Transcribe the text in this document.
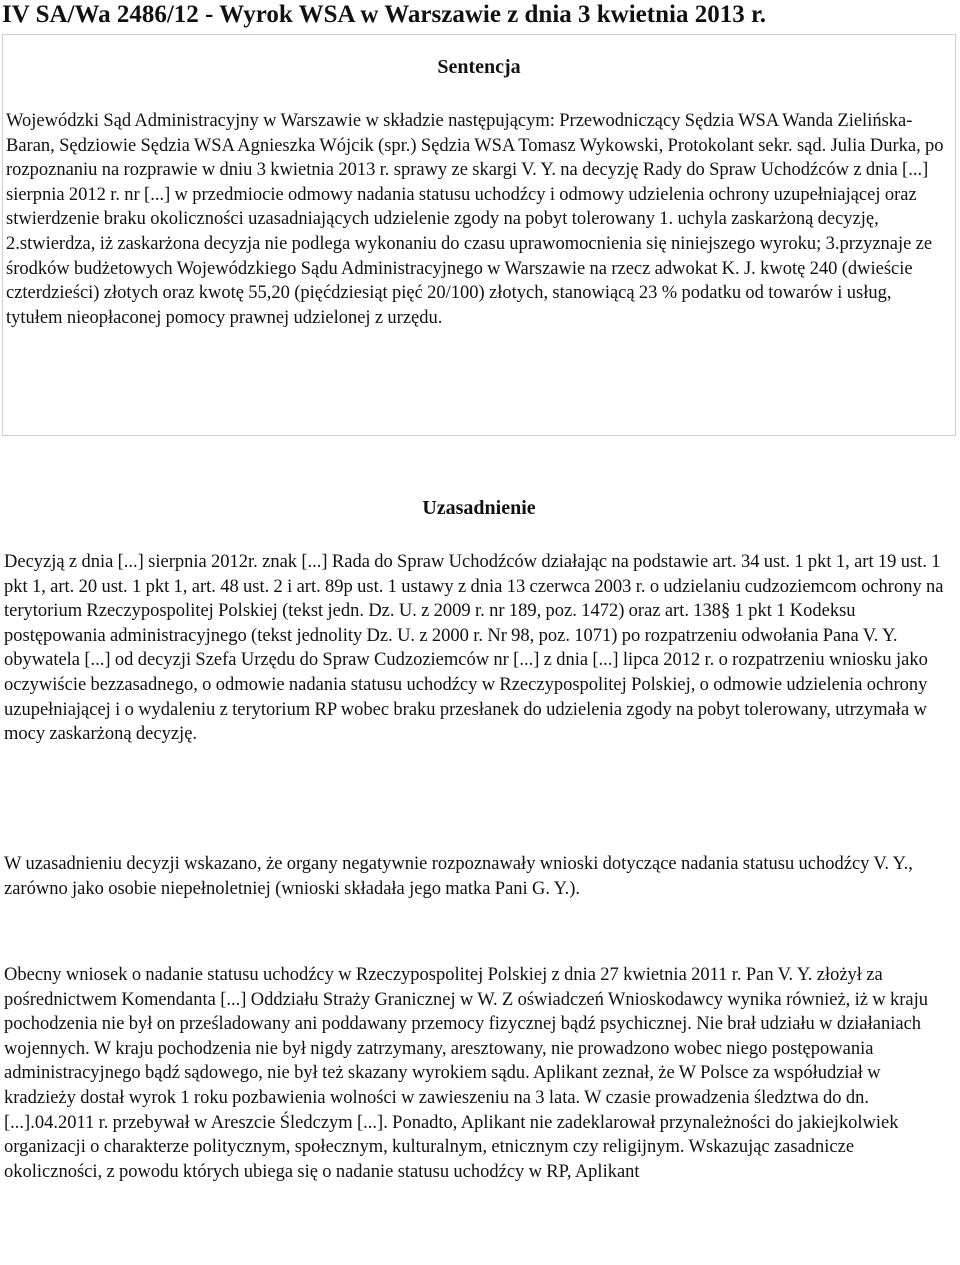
IV SA/Wa 2486/12 - Wyrok WSA w Warszawie z dnia 3 kwietnia 2013 r.
Sentencja

Wojewódzki Sąd Administracyjny w Warszawie w składzie następującym: Przewodniczący Sędzia WSA Wanda Zielińska-Baran, Sędziowie Sędzia WSA Agnieszka Wójcik (spr.) Sędzia WSA Tomasz Wykowski, Protokolant sekr. sąd. Julia Durka, po rozpoznaniu na rozprawie w dniu 3 kwietnia 2013 r. sprawy ze skargi V. Y. na decyzję Rady do Spraw Uchodźców z dnia [...] sierpnia 2012 r. nr [...] w przedmiocie odmowy nadania statusu uchodźcy i odmowy udzielenia ochrony uzupełniającej oraz stwierdzenie braku okoliczności uzasadniających udzielenie zgody na pobyt tolerowany 1. uchyla zaskarżoną decyzję, 2.stwierdza, iż zaskarżona decyzja nie podlega wykonaniu do czasu uprawomocnienia się niniejszego wyroku; 3.przyznaje ze środków budżetowych Wojewódzkiego Sądu Administracyjnego w Warszawie na rzecz adwokat K. J. kwotę 240 (dwieście czterdzieści) złotych oraz kwotę 55,20 (pięćdziesiąt pięć 20/100) złotych, stanowiącą 23 % podatku od towarów i usług, tytułem nieopłaconej pomocy prawnej udzielonej z urzędu.

Uzasadnienie

Decyzją z dnia [...] sierpnia 2012r. znak [...] Rada do Spraw Uchodźców działając na podstawie art. 34 ust. 1 pkt 1, art 19 ust. 1 pkt 1, art. 20 ust. 1 pkt 1, art. 48 ust. 2 i art. 89p ust. 1 ustawy z dnia 13 czerwca 2003 r. o udzielaniu cudzoziemcom ochrony na terytorium Rzeczypospolitej Polskiej (tekst jedn. Dz. U. z 2009 r. nr 189, poz. 1472) oraz art. 138§ 1 pkt 1 Kodeksu postępowania administracyjnego (tekst jednolity Dz. U. z 2000 r. Nr 98, poz. 1071) po rozpatrzeniu odwołania Pana V. Y. obywatela [...] od decyzji Szefa Urzędu do Spraw Cudzoziemców nr [...] z dnia [...] lipca 2012 r. o rozpatrzeniu wniosku jako oczywiście bezzasadnego, o odmowie nadania statusu uchodźcy w Rzeczypospolitej Polskiej, o odmowie udzielenia ochrony uzupełniającej i o wydaleniu z terytorium RP wobec braku przesłanek do udzielenia zgody na pobyt tolerowany, utrzymała w mocy zaskarżoną decyzję.

W uzasadnieniu decyzji wskazano, że organy negatywnie rozpoznawały wnioski dotyczące nadania statusu uchodźcy V. Y., zarówno jako osobie niepełnoletniej (wnioski składała jego matka Pani G. Y.).

Obecny wniosek o nadanie statusu uchodźcy w Rzeczypospolitej Polskiej z dnia 27 kwietnia 2011 r. Pan V. Y. złożył za pośrednictwem Komendanta [...] Oddziału Straży Granicznej w W. Z oświadczeń Wnioskodawcy wynika również, iż w kraju pochodzenia nie był on prześladowany ani poddawany przemocy fizycznej bądź psychicznej. Nie brał udziału w działaniach wojennych. W kraju pochodzenia nie był nigdy zatrzymany, aresztowany, nie prowadzono wobec niego postępowania administracyjnego bądź sądowego, nie był też skazany wyrokiem sądu. Aplikant zeznał, że W Polsce za współudział w kradzieży dostał wyrok 1 roku pozbawienia wolności w zawieszeniu na 3 lata. W czasie prowadzenia śledztwa do dn. [...].04.2011 r. przebywał w Areszcie Śledczym [...]. Ponadto, Aplikant nie zadeklarował przynależności do jakiejkolwiek organizacji o charakterze politycznym, społecznym, kulturalnym, etnicznym czy religijnym. Wskazując zasadnicze okoliczności, z powodu których ubiega się o nadanie statusu uchodźcy w RP, Aplikant
